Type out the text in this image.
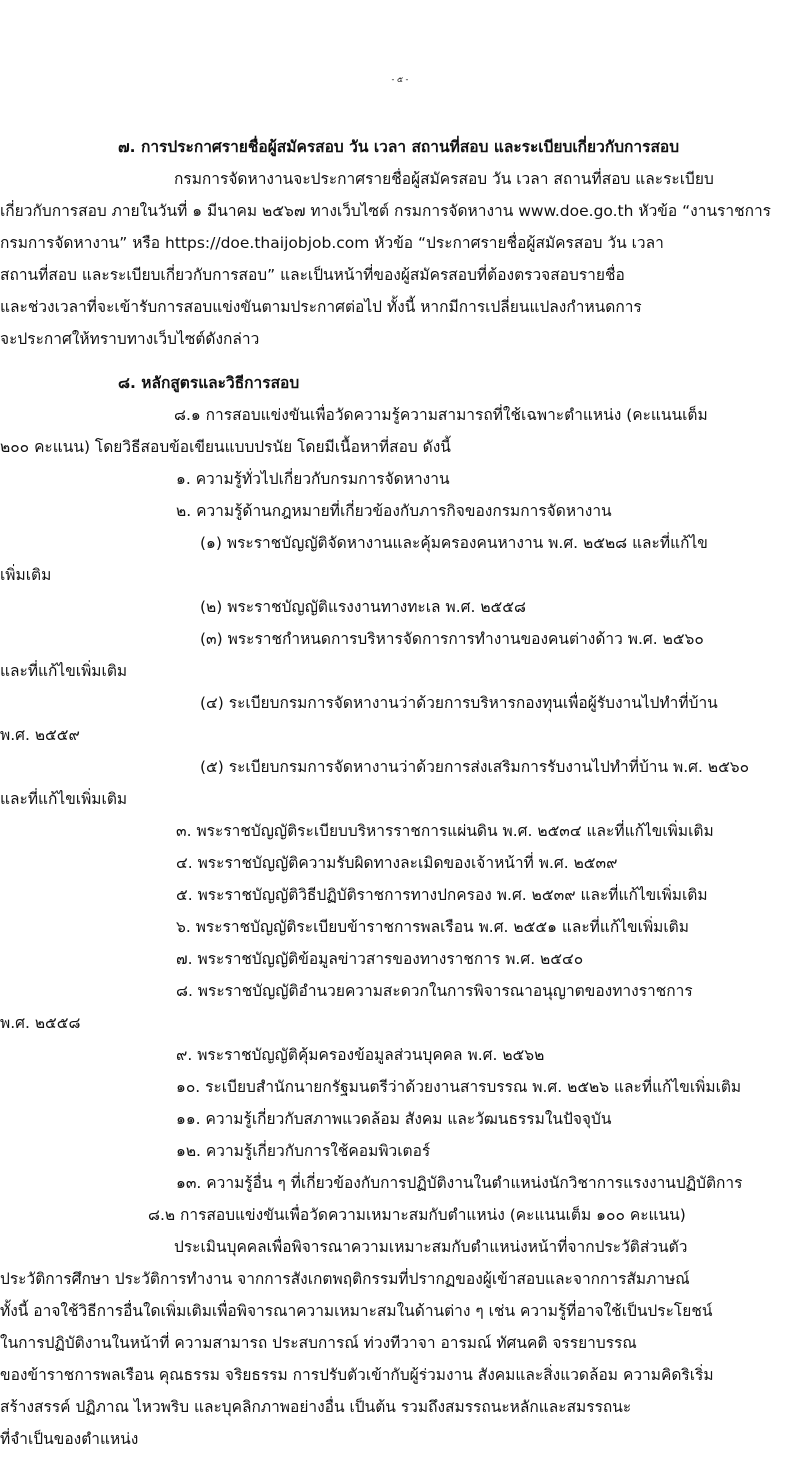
- ๕ -

๗. การประกาศรายชื่อผู้สมัครสอบ วัน เวลา สถานที่สอบ และระเบียบเกี่ยวกับการสอบ

กรมการจัดหางานจะประกาศรายชื่อผู้สมัครสอบ วัน เวลา สถานที่สอบ และระเบียบ

เกี่ยวกับการสอบ ภายในวันที่ ๑ มีนาคม ๒๕๖๗ ทางเว็บไซต์ กรมการจัดหางาน www.doe.go.th หัวข้อ “งานราชการ

กรมการจัดหางาน” หรือ https://doe.thaijobjob.com หัวข้อ “ประกาศรายชื่อผู้สมัครสอบ วัน เวลา

สถานที่สอบ และระเบียบเกี่ยวกับการสอบ” และเป็นหน้าที่ของผู้สมัครสอบที่ต้องตรวจสอบรายชื่อ

และช่วงเวลาที่จะเข้ารับการสอบแข่งขันตามประกาศต่อไป ทั้งนี้ หากมีการเปลี่ยนแปลงกำหนดการ

จะประกาศให้ทราบทางเว็บไซต์ดังกล่าว

๘. หลักสูตรและวิธีการสอบ

๘.๑ การสอบแข่งขันเพื่อวัดความรู้ความสามารถที่ใช้เฉพาะตำแหน่ง (คะแนนเต็ม

๒๐๐ คะแนน) โดยวิธีสอบข้อเขียนแบบปรนัย โดยมีเนื้อหาที่สอบ ดังนี้

๑. ความรู้ทั่วไปเกี่ยวกับกรมการจัดหางาน

๒. ความรู้ด้านกฎหมายที่เกี่ยวข้องกับภารกิจของกรมการจัดหางาน

(๑) พระราชบัญญัติจัดหางานและคุ้มครองคนหางาน พ.ศ. ๒๕๒๘ และที่แก้ไข

เพิ่มเติม

(๒) พระราชบัญญัติแรงงานทางทะเล พ.ศ. ๒๕๕๘

(๓) พระราชกำหนดการบริหารจัดการการทำงานของคนต่างด้าว พ.ศ. ๒๕๖๐

และที่แก้ไขเพิ่มเติม

(๔) ระเบียบกรมการจัดหางานว่าด้วยการบริหารกองทุนเพื่อผู้รับงานไปทำที่บ้าน

พ.ศ. ๒๕๕๙

(๕) ระเบียบกรมการจัดหางานว่าด้วยการส่งเสริมการรับงานไปทำที่บ้าน พ.ศ. ๒๕๖๐

และที่แก้ไขเพิ่มเติม

๓. พระราชบัญญัติระเบียบบริหารราชการแผ่นดิน พ.ศ. ๒๕๓๔ และที่แก้ไขเพิ่มเติม

๔. พระราชบัญญัติความรับผิดทางละเมิดของเจ้าหน้าที่ พ.ศ. ๒๕๓๙

๕. พระราชบัญญัติวิธีปฏิบัติราชการทางปกครอง พ.ศ. ๒๕๓๙ และที่แก้ไขเพิ่มเติม

๖. พระราชบัญญัติระเบียบข้าราชการพลเรือน พ.ศ. ๒๕๕๑ และที่แก้ไขเพิ่มเติม

๗. พระราชบัญญัติข้อมูลข่าวสารของทางราชการ พ.ศ. ๒๕๔๐

๘. พระราชบัญญัติอำนวยความสะดวกในการพิจารณาอนุญาตของทางราชการ

พ.ศ. ๒๕๕๘

๙. พระราชบัญญัติคุ้มครองข้อมูลส่วนบุคคล พ.ศ. ๒๕๖๒

๑๐. ระเบียบสำนักนายกรัฐมนตรีว่าด้วยงานสารบรรณ พ.ศ. ๒๕๒๖ และที่แก้ไขเพิ่มเติม

๑๑. ความรู้เกี่ยวกับสภาพแวดล้อม สังคม และวัฒนธรรมในปัจจุบัน

๑๒. ความรู้เกี่ยวกับการใช้คอมพิวเตอร์

๑๓. ความรู้อื่น ๆ ที่เกี่ยวข้องกับการปฏิบัติงานในตำแหน่งนักวิชาการแรงงานปฏิบัติการ

๘.๒ การสอบแข่งขันเพื่อวัดความเหมาะสมกับตำแหน่ง (คะแนนเต็ม ๑๐๐ คะแนน)

ประเมินบุคคลเพื่อพิจารณาความเหมาะสมกับตำแหน่งหน้าที่จากประวัติส่วนตัว

ประวัติการศึกษา ประวัติการทำงาน จากการสังเกตพฤติกรรมที่ปรากฏของผู้เข้าสอบและจากการสัมภาษณ์

ทั้งนี้ อาจใช้วิธีการอื่นใดเพิ่มเติมเพื่อพิจารณาความเหมาะสมในด้านต่าง ๆ เช่น ความรู้ที่อาจใช้เป็นประโยชน์

ในการปฏิบัติงานในหน้าที่ ความสามารถ ประสบการณ์ ท่วงทีวาจา อารมณ์ ทัศนคติ จรรยาบรรณ

ของข้าราชการพลเรือน คุณธรรม จริยธรรม การปรับตัวเข้ากับผู้ร่วมงาน สังคมและสิ่งแวดล้อม ความคิดริเริ่ม

สร้างสรรค์ ปฏิภาณ ไหวพริบ และบุคลิกภาพอย่างอื่น เป็นต้น รวมถึงสมรรถนะหลักและสมรรถนะ

ที่จำเป็นของตำแหน่ง
